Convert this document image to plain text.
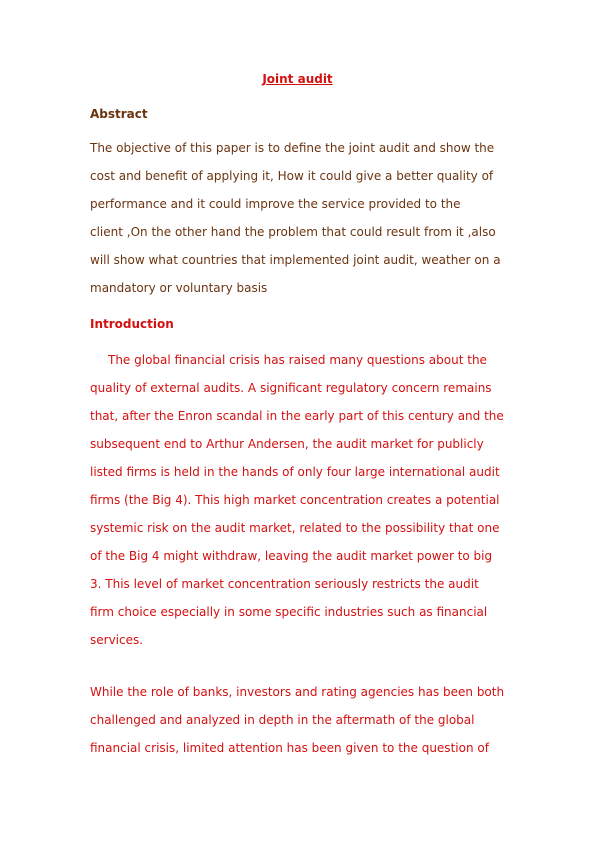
Joint audit
Abstract
The objective of this paper is to define the joint audit and show the
cost and benefit of applying it, How it could give a better quality of
performance and it could improve the service provided to the
client ,On the other hand the problem that could result from it ,also
will show what countries that implemented joint audit, weather on a
mandatory or voluntary basis
Introduction
The global financial crisis has raised many questions about the
quality of external audits. A significant regulatory concern remains
that, after the Enron scandal in the early part of this century and the
subsequent end to Arthur Andersen, the audit market for publicly
listed firms is held in the hands of only four large international audit
firms (the Big 4). This high market concentration creates a potential
systemic risk on the audit market, related to the possibility that one
of the Big 4 might withdraw, leaving the audit market power to big
3. This level of market concentration seriously restricts the audit
firm choice especially in some specific industries such as financial
services.
While the role of banks, investors and rating agencies has been both
challenged and analyzed in depth in the aftermath of the global
financial crisis, limited attention has been given to the question of
